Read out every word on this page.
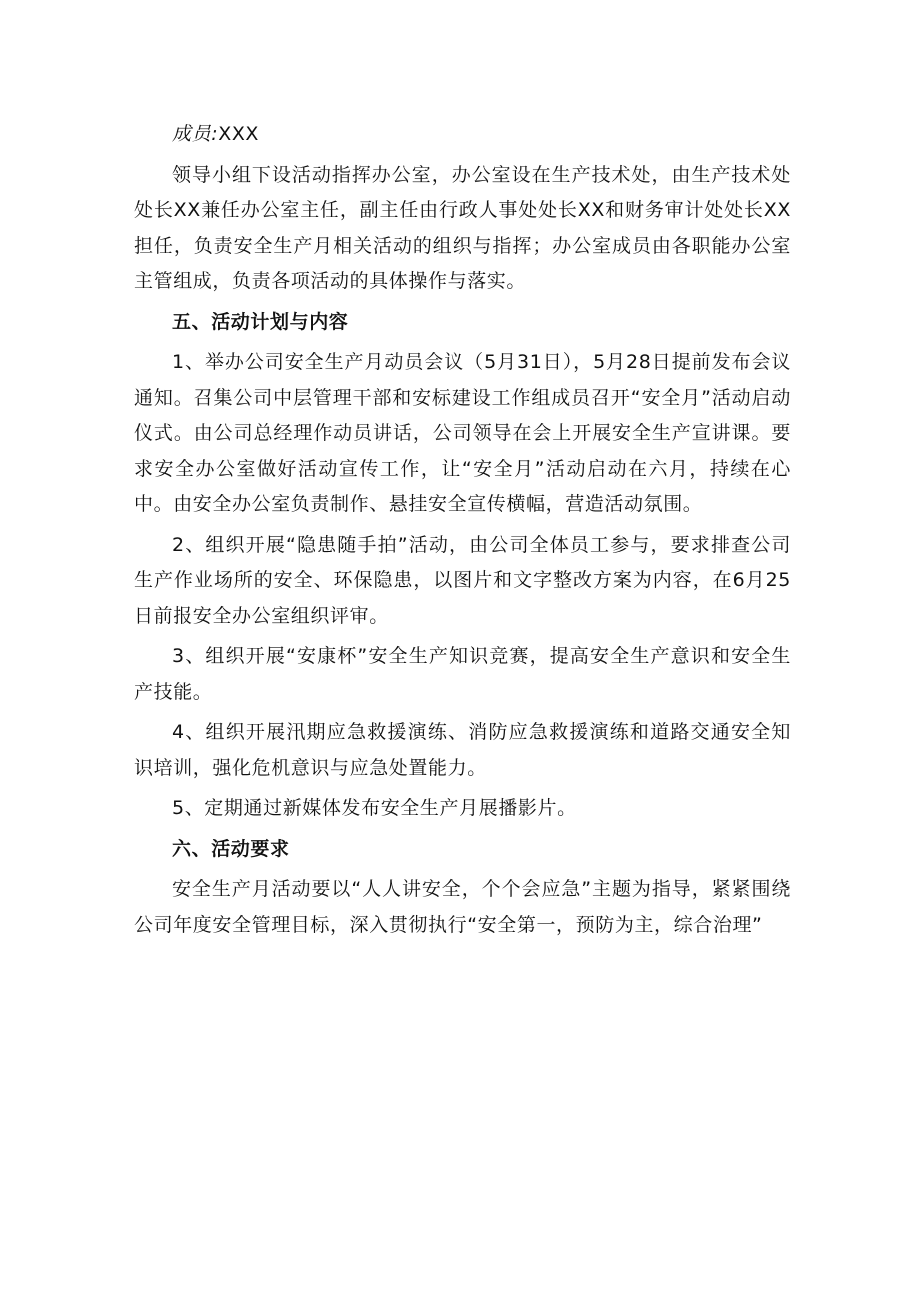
成员:XXX

领导小组下设活动指挥办公室，办公室设在生产技术处，由生产技术处处长XX兼任办公室主任，副主任由行政人事处处长XX和财务审计处处长XX担任，负责安全生产月相关活动的组织与指挥；办公室成员由各职能办公室主管组成，负责各项活动的具体操作与落实。

五、活动计划与内容

1、举办公司安全生产月动员会议（5月31日），5月28日提前发布会议通知。召集公司中层管理干部和安标建设工作组成员召开“安全月”活动启动仪式。由公司总经理作动员讲话，公司领导在会上开展安全生产宣讲课。要求安全办公室做好活动宣传工作，让“安全月”活动启动在六月，持续在心中。由安全办公室负责制作、悬挂安全宣传横幅，营造活动氛围。

2、组织开展“隐患随手拍”活动，由公司全体员工参与，要求排查公司生产作业场所的安全、环保隐患，以图片和文字整改方案为内容，在6月25日前报安全办公室组织评审。

3、组织开展“安康杯”安全生产知识竞赛，提高安全生产意识和安全生产技能。

4、组织开展汛期应急救援演练、消防应急救援演练和道路交通安全知识培训，强化危机意识与应急处置能力。

5、定期通过新媒体发布安全生产月展播影片。

六、活动要求

安全生产月活动要以“人人讲安全，个个会应急”主题为指导，紧紧围绕公司年度安全管理目标，深入贯彻执行“安全第一，预防为主，综合治理”
